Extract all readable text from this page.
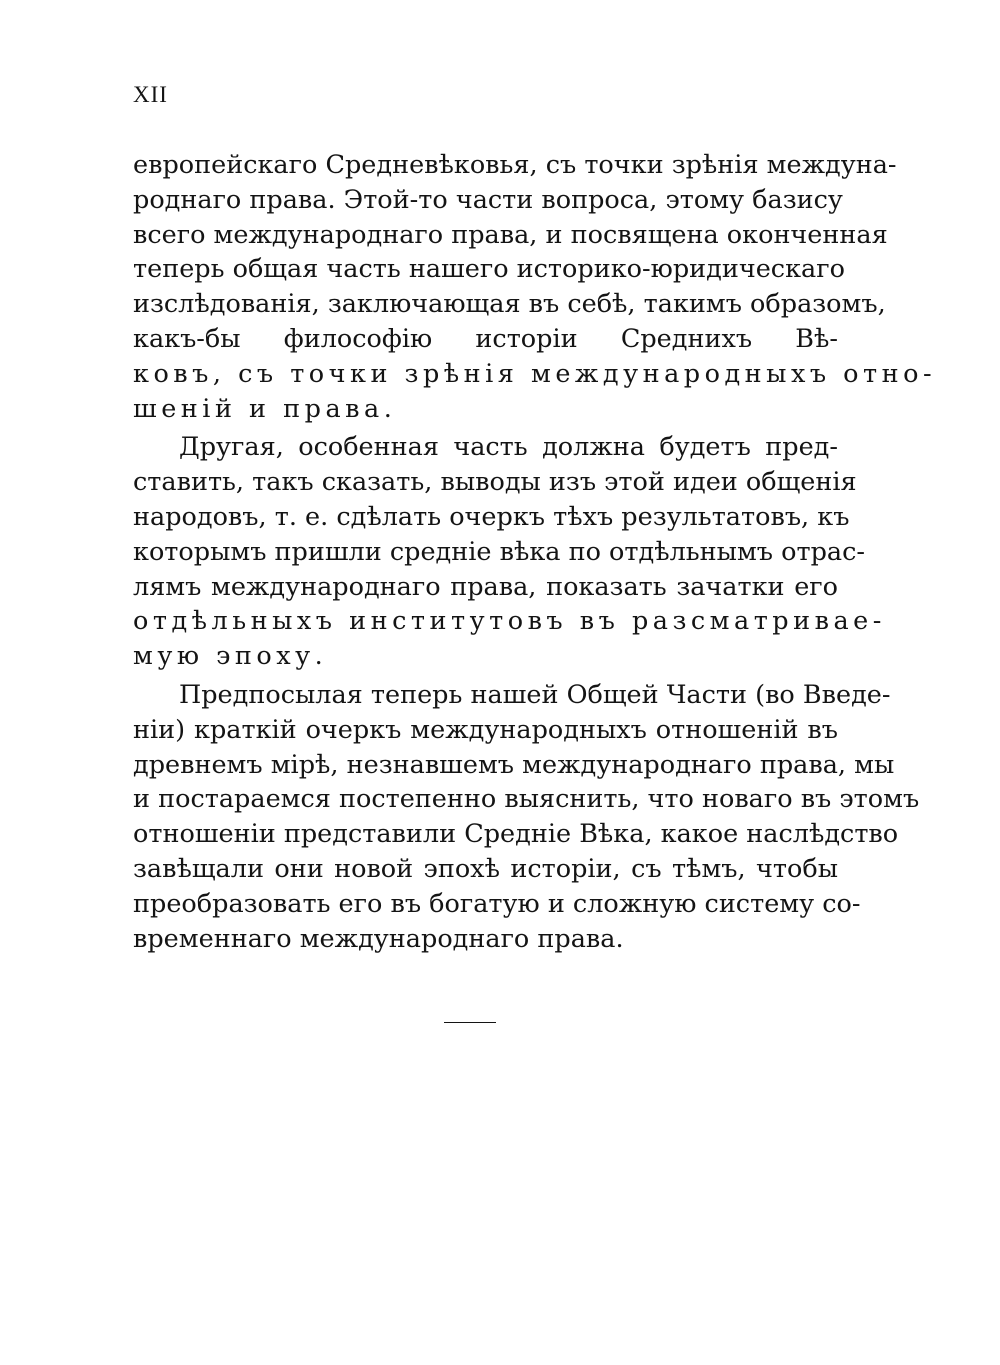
XII
европейскаго Средневѣковья, съ точки зрѣнія междуна-
роднаго права. Этой-то части вопроса, этому базису
всего международнаго права, и посвящена оконченная
теперь общая часть нашего историко-юридическаго
изслѣдованія, заключающая въ себѣ, такимъ образомъ,
какъ-бы философію исторіи Среднихъ Вѣ-
ковъ, съ точки зрѣнія международныхъ отно-
шеній и права.
Другая, особенная часть должна будетъ пред-
ставить, такъ сказать, выводы изъ этой идеи общенія
народовъ, т. е. сдѣлать очеркъ тѣхъ результатовъ, къ
которымъ пришли средніе вѣка по отдѣльнымъ отрас-
лямъ международнаго права, показать зачатки его
отдѣльныхъ институтовъ въ разсматриваe-
мую эпоху.
Предпосылая теперь нашей Общей Части (во Введе-
ніи) краткій очеркъ международныхъ отношеній въ
древнемъ мірѣ, незнавшемъ международнаго права, мы
и постараемся постепенно выяснить, что новаго въ этомъ
отношеніи представили Средніе Вѣка, какое наслѣдство
завѣщали они новой эпохѣ исторіи, съ тѣмъ, чтобы
преобразовать его въ богатую и сложную систему со-
временнаго международнаго права.
